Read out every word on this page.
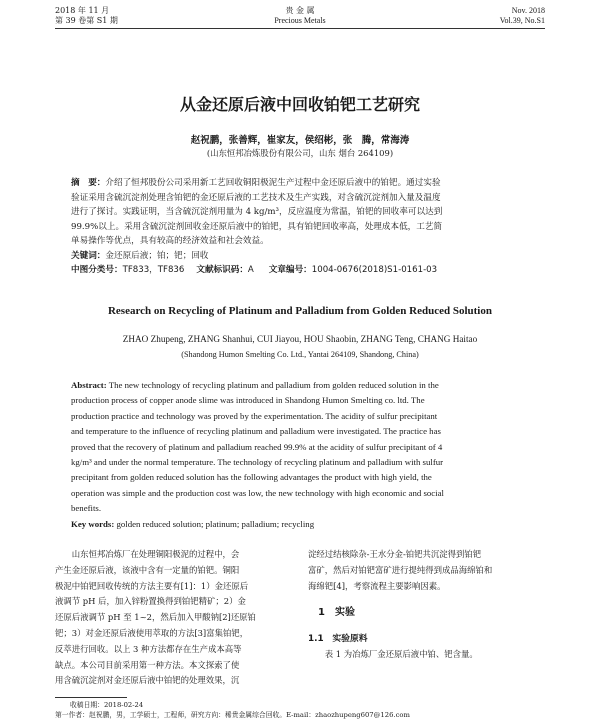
2018 年 11 月
第 39 卷第 S1 期
贵 金 属
Precious Metals
Nov. 2018
Vol.39, No.S1
从金还原后液中回收铂钯工艺研究
赵祝鹏，张善辉，崔家友，侯绍彬，张　腾，常海涛
(山东恒邦冶炼股份有限公司，山东 烟台 264109)
摘　要：介绍了恒邦股份公司采用新工艺回收铜阳极泥生产过程中金还原后液中的铂钯。通过实验
验证采用含硫沉淀剂处理含铂钯的金还原后液的工艺技术及生产实践，对含硫沉淀剂加入量及温度
进行了探讨。实践证明，当含硫沉淀剂用量为 4 kg/m³，反应温度为常温，铂钯的回收率可以达到
99.9%以上。采用含硫沉淀剂回收金还原后液中的铂钯，具有铂钯回收率高，处理成本低，工艺简
单易操作等优点，具有较高的经济效益和社会效益。
关键词：金还原后液；铂；钯；回收
中图分类号：TF833，TF836 文献标识码：A 文章编号：1004-0676(2018)S1-0161-03
Research on Recycling of Platinum and Palladium from Golden Reduced Solution
ZHAO Zhupeng, ZHANG Shanhui, CUI Jiayou, HOU Shaobin, ZHANG Teng, CHANG Haitao
(Shandong Humon Smelting Co. Ltd., Yantai 264109, Shandong, China)
Abstract: The new technology of recycling platinum and palladium from golden reduced solution in the
production process of copper anode slime was introduced in Shandong Humon Smelting co. ltd. The
production practice and technology was proved by the experimentation. The acidity of sulfur precipitant
and temperature to the influence of recycling platinum and palladium were investigated. The practice has
proved that the recovery of platinum and palladium reached 99.9% at the acidity of sulfur precipitant of 4
kg/m³ and under the normal temperature. The technology of recycling platinum and palladium with sulfur
precipitant from golden reduced solution has the following advantages the product with high yield, the
operation was simple and the production cost was low, the new technology with high economic and social
benefits.
Key words: golden reduced solution; platinum; palladium; recycling
　　山东恒邦冶炼厂在处理铜阳极泥的过程中，会
产生金还原后液，该液中含有一定量的铂钯。铜阳
极泥中铂钯回收传统的方法主要有[1]：1）金还原后
液调节 pH 后，加入锌粉置换得到铂钯精矿；2）金
还原后液调节 pH 至 1~2，然后加入甲酸钠[2]还原铂
钯；3）对金还原后液使用萃取的方法[3]富集铂钯，
反萃进行回收。以上 3 种方法都存在生产成本高等
缺点。本公司目前采用第一种方法。本文探索了使
用含硫沉淀剂对金还原后液中铂钯的处理效果，沉
淀经过结核除杂-王水分金-铂钯共沉淀得到铂钯
富矿，然后对铂钯富矿进行提纯得到成品海绵铂和
海绵钯[4]，考察流程主要影响因素。
1　实验
1.1　实验原料
　　表 1 为冶炼厂金还原后液中铂、钯含量。
收稿日期：2018-02-24
第一作者：赵祝鹏，男，工学硕士，工程师，研究方向：稀贵金属综合回收。E-mail：zhaozhupeng607@126.com
